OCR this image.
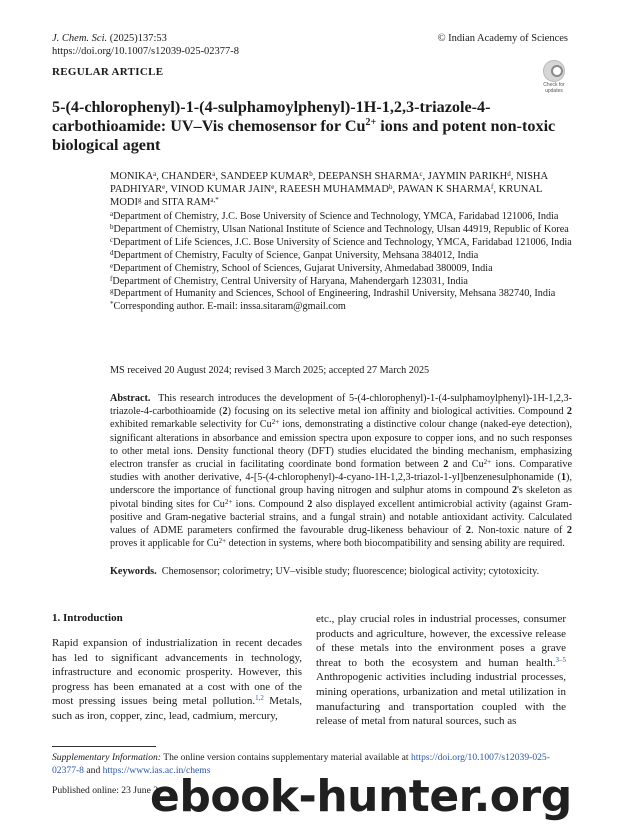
J. Chem. Sci. (2025)137:53
https://doi.org/10.1007/s12039-025-02377-8
© Indian Academy of Sciences
REGULAR ARTICLE
Check for
updates
5-(4-chlorophenyl)-1-(4-sulphamoylphenyl)-1H-1,2,3-triazole-4-carbothioamide: UV–Vis chemosensor for $Cu^{2+}$ ions and potent non-toxic biological agent
MONIKA$^a$, CHANDER$^a$, SANDEEP KUMAR$^b$, DEEPANSH SHARMA$^c$, JAYMIN PARIKH$^d$, NISHA PADHIYAR$^e$, VINOD KUMAR JAIN$^e$, RAEESH MUHAMMAD$^b$, PAWAN K SHARMA$^f$, KRUNAL MODI$^g$ and SITA $RAM^{a,*}$
$^a$Department of Chemistry, J.C. Bose University of Science and Technology, YMCA, Faridabad 121006, India
$^b$Department of Chemistry, Ulsan National Institute of Science and Technology, Ulsan 44919, Republic of Korea
$^c$Department of Life Sciences, J.C. Bose University of Science and Technology, YMCA, Faridabad 121006, India
$^d$Department of Chemistry, Faculty of Science, Ganpat University, Mehsana 384012, India
$^e$Department of Chemistry, School of Sciences, Gujarat University, Ahmedabad 380009, India
$^f$Department of Chemistry, Central University of Haryana, Mahendergarh 123031, India
$^g$Department of Humanity and Sciences, School of Engineering, Indrashil University, Mehsana 382740, India
*Corresponding author. E-mail: inssa.sitaram@gmail.com
MS received 20 August 2024; revised 3 March 2025; accepted 27 March 2025
Abstract. This research introduces the development of 5-(4-chlorophenyl)-1-(4-sulphamoylphenyl)-1H-1,2,3-triazole-4-carbothioamide (2) focusing on its selective metal ion affinity and biological activities. Compound 2 exhibited remarkable selectivity for $Cu^{2+}$ ions, demonstrating a distinctive colour change (naked-eye detection), significant alterations in absorbance and emission spectra upon exposure to copper ions, and no such responses to other metal ions. Density functional theory (DFT) studies elucidated the binding mechanism, emphasizing electron transfer as crucial in facilitating coordinate bond formation between 2 and $Cu^{2+}$ ions. Comparative studies with another derivative, 4-[5-(4-chlorophenyl)-4-cyano-1H-1,2,3-triazol-1-yl]benzenesulphonamide (1), underscore the importance of functional group having nitrogen and sulphur atoms in compound 2's skeleton as pivotal binding sites for $Cu^{2+}$ ions. Compound 2 also displayed excellent antimicrobial activity (against Gram-positive and Gram-negative bacterial strains, and a fungal strain) and notable antioxidant activity. Calculated values of ADME parameters confirmed the favourable drug-likeness behaviour of 2. Non-toxic nature of 2 proves it applicable for $Cu^{2+}$ detection in systems, where both biocompatibility and sensing ability are required.
Keywords. Chemosensor; colorimetry; UV–visible study; fluorescence; biological activity; cytotoxicity.
1. Introduction
Rapid expansion of industrialization in recent decades has led to significant advancements in technology, infrastructure and economic prosperity. However, this progress has been emanated at a cost with one of the most pressing issues being metal pollution.$^{1,2}$ Metals, such as iron, copper, zinc, lead, cadmium, mercury,
etc., play crucial roles in industrial processes, consumer products and agriculture, however, the excessive release of these metals into the environment poses a grave threat to both the ecosystem and human health.$^{3-5}$ Anthropogenic activities including industrial processes, mining operations, urbanization and metal utilization in manufacturing and transportation coupled with the release of metal from natural sources, such as
Supplementary Information: The online version contains supplementary material available at https://doi.org/10.1007/s12039-025-02377-8 and https://www.ias.ac.in/chems
Published online: 23 June 2
ebook-hunter.org
